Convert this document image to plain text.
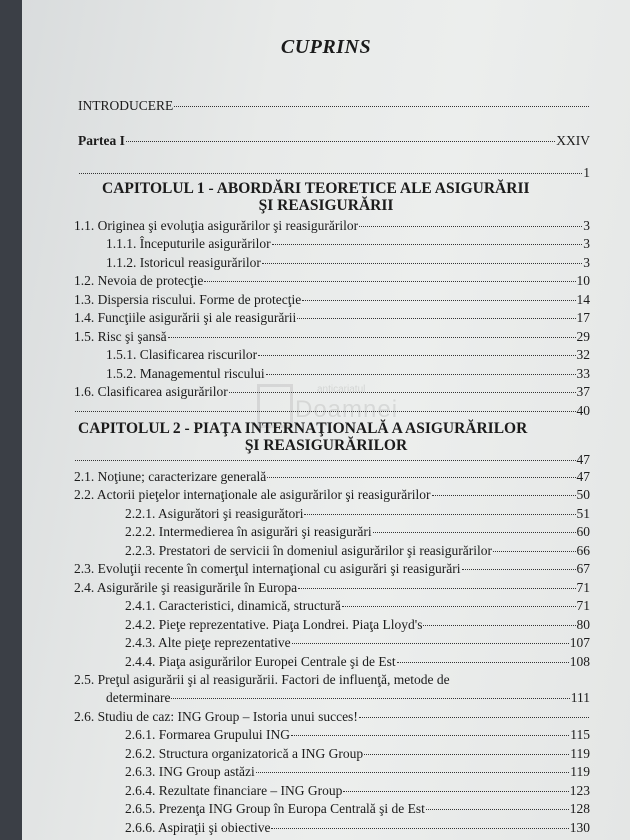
CUPRINS
anticariatul
Doamnei
INTRODUCERE
Partea I	XXIV
1
CAPITOLUL 1 - ABORDĂRI TEORETICE ALE ASIGURĂRII
ŞI REASIGURĂRII
1.1. Originea şi evoluţia asigurărilor şi reasigurărilor	3
1.1.1. Începuturile asigurărilor	3
1.1.2. Istoricul reasigurărilor	3
1.2. Nevoia de protecţie	10
1.3. Dispersia riscului. Forme de protecţie	14
1.4. Funcţiile asigurării şi ale reasigurării	17
1.5. Risc şi şansă	29
1.5.1. Clasificarea riscurilor	32
1.5.2. Managementul riscului	33
1.6. Clasificarea asigurărilor	37
40
CAPITOLUL 2 - PIAŢA INTERNAŢIONALĂ A ASIGURĂRILOR
ŞI REASIGURĂRILOR
47
2.1. Noţiune; caracterizare generală	47
2.2. Actorii pieţelor internaţionale ale asigurărilor şi reasigurărilor	50
2.2.1. Asigurători şi reasigurători	51
2.2.2. Intermedierea în asigurări şi reasigurări	60
2.2.3. Prestatori de servicii în domeniul asigurărilor şi reasigurărilor	66
2.3. Evoluţii recente în comerţul internaţional cu asigurări şi reasigurări	67
2.4. Asigurările şi reasigurările în Europa	71
2.4.1. Caracteristici, dinamică, structură	71
2.4.2. Pieţe reprezentative. Piaţa Londrei. Piaţa Lloyd's	80
2.4.3. Alte pieţe reprezentative	107
2.4.4. Piaţa asigurărilor Europei Centrale şi de Est	108
2.5. Preţul asigurării şi al reasigurării. Factori de influenţă, metode de
determinare	111
2.6. Studiu de caz: ING Group – Istoria unui succes!
2.6.1. Formarea Grupului ING	115
2.6.2. Structura organizatorică a ING Group	119
2.6.3. ING Group astăzi	119
2.6.4. Rezultate financiare – ING Group	123
2.6.5. Prezenţa ING Group în Europa Centrală şi de Est	128
2.6.6. Aspiraţii şi obiective	130
